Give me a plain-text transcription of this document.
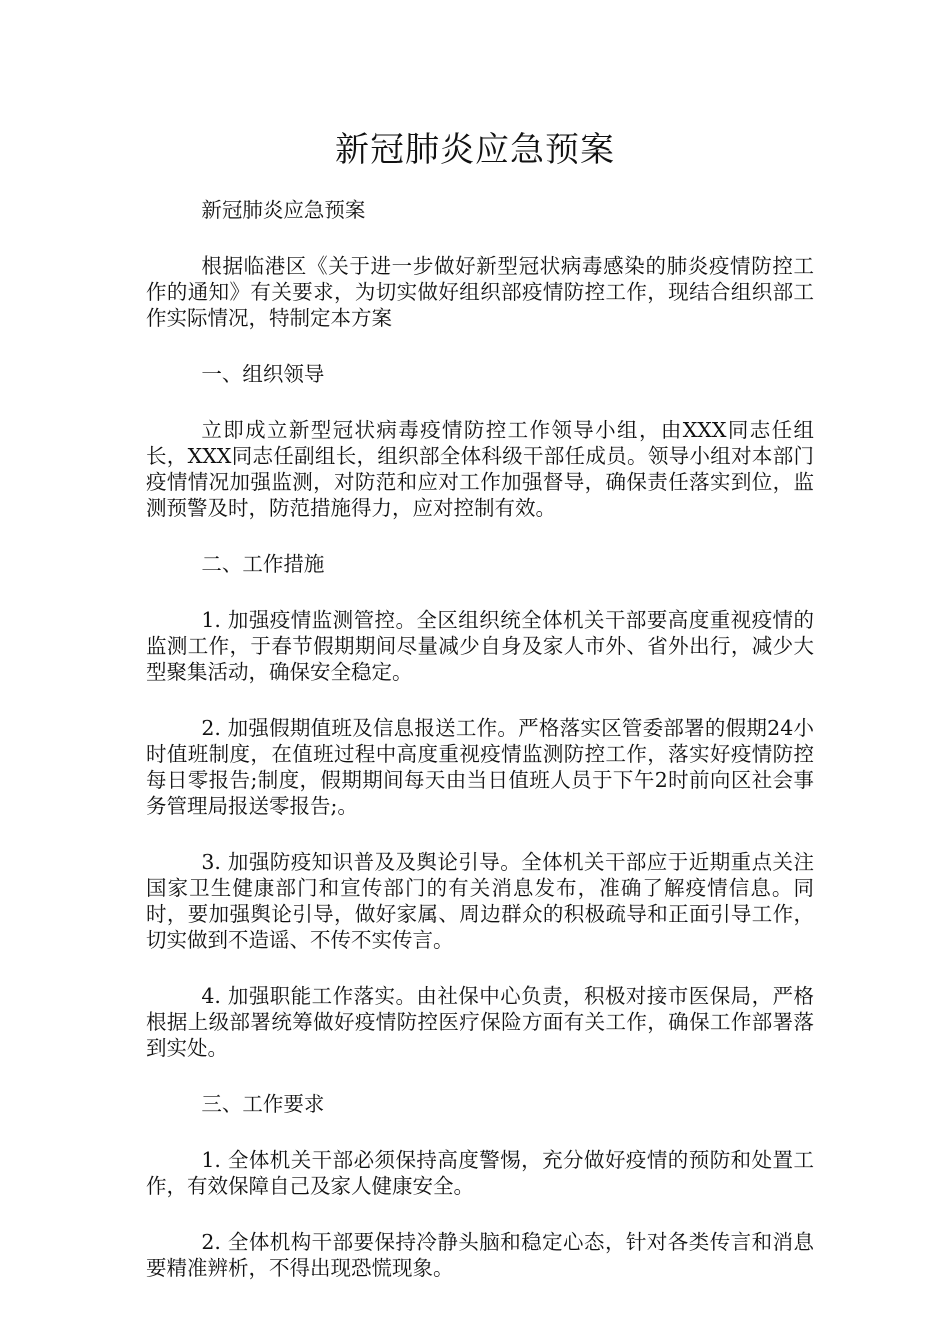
新冠肺炎应急预案

新冠肺炎应急预案

根据临港区《关于进一步做好新型冠状病毒感染的肺炎疫情防控工作的通知》有关要求，为切实做好组织部疫情防控工作，现结合组织部工作实际情况，特制定本方案

一、组织领导

立即成立新型冠状病毒疫情防控工作领导小组，由XXX同志任组长，XXX同志任副组长，组织部全体科级干部任成员。领导小组对本部门疫情情况加强监测，对防范和应对工作加强督导，确保责任落实到位，监测预警及时，防范措施得力，应对控制有效。

二、工作措施

1. 加强疫情监测管控。全区组织统全体机关干部要高度重视疫情的监测工作，于春节假期期间尽量减少自身及家人市外、省外出行，减少大型聚集活动，确保安全稳定。

2. 加强假期值班及信息报送工作。严格落实区管委部署的假期24小时值班制度，在值班过程中高度重视疫情监测防控工作，落实好疫情防控每日零报告;制度，假期期间每天由当日值班人员于下午2时前向区社会事务管理局报送零报告;。

3. 加强防疫知识普及及舆论引导。全体机关干部应于近期重点关注国家卫生健康部门和宣传部门的有关消息发布，准确了解疫情信息。同时，要加强舆论引导，做好家属、周边群众的积极疏导和正面引导工作，切实做到不造谣、不传不实传言。

4. 加强职能工作落实。由社保中心负责，积极对接市医保局，严格根据上级部署统筹做好疫情防控医疗保险方面有关工作，确保工作部署落到实处。

三、工作要求

1. 全体机关干部必须保持高度警惕，充分做好疫情的预防和处置工作，有效保障自己及家人健康安全。

2. 全体机构干部要保持冷静头脑和稳定心态，针对各类传言和消息要精准辨析，不得出现恐慌现象。
